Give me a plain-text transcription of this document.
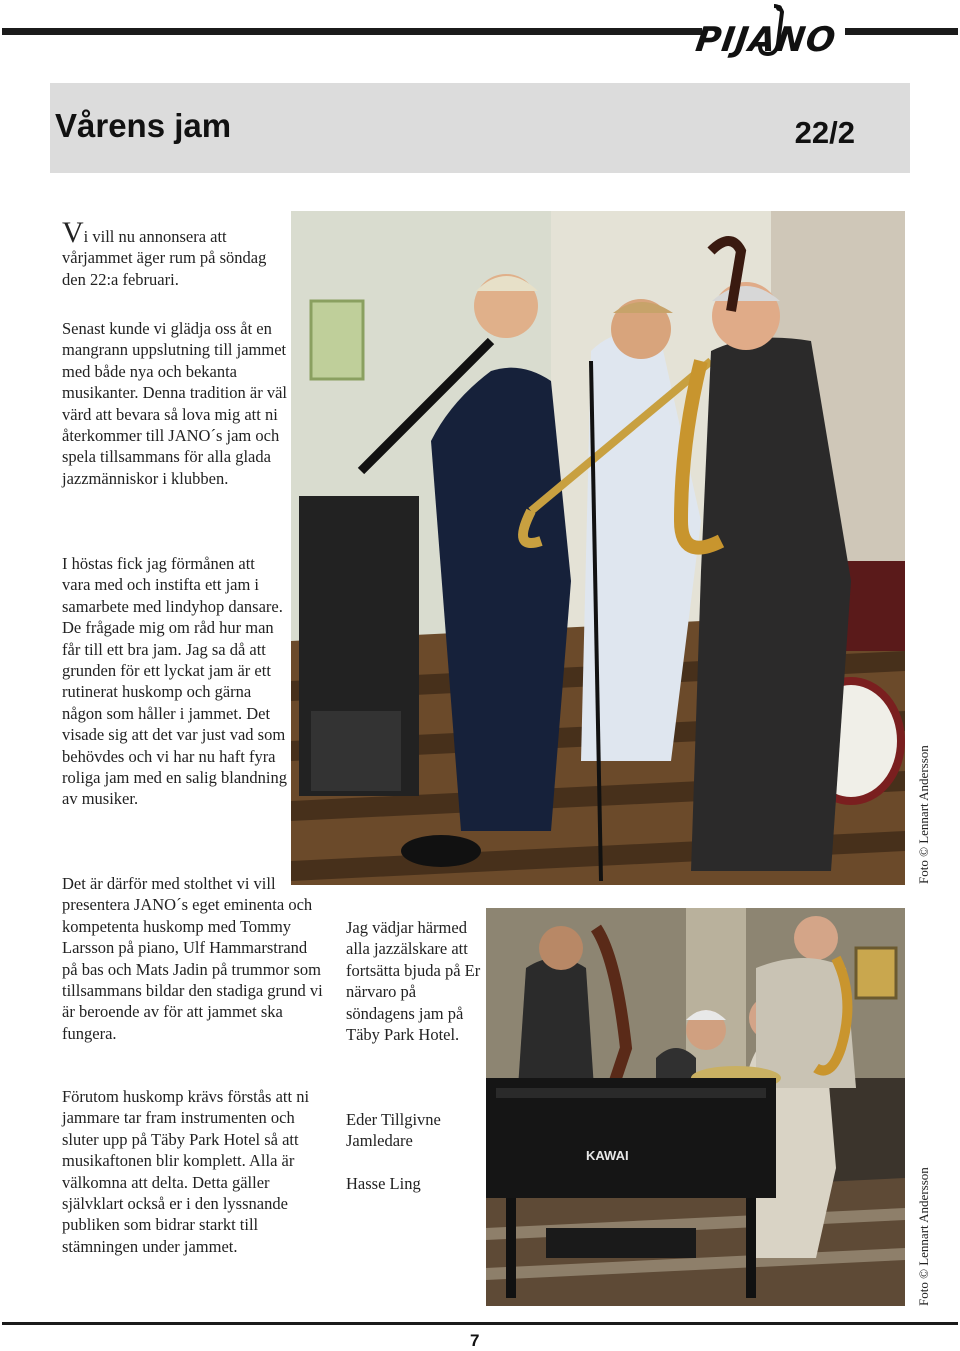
PIJANO
Vårens jam	22/2
Vi vill nu annonsera att vårjammet äger rum på söndag den 22:a februari.
Senast kunde vi glädja oss åt en mangrann uppslutning till jammet med både nya och bekanta musikanter. Denna tradition är väl värd att bevara så lova mig att ni återkommer till JANO´s jam och spela tillsammans för alla glada jazzmänniskor i klubben.
I höstas fick jag förmånen att vara med och instifta ett jam i samarbete med lindyhop dansare. De frågade mig om råd hur man får till ett bra jam. Jag sa då att grunden för ett lyckat jam är ett rutinerat huskomp och gärna någon som håller i jammet. Det visade sig att det var just vad som behövdes och vi har nu haft fyra roliga jam med en salig blandning av musiker.
Det är därför med stolthet vi vill presentera JANO´s eget eminenta och kompetenta huskomp med Tommy Larsson på piano, Ulf Hammarstrand på bas och Mats Jadin på trummor som tillsammans bildar den stadiga grund vi är beroende av för att jammet ska fungera.
Förutom huskomp krävs förstås att ni jammare tar fram instrumenten och sluter upp på Täby Park Hotel så att musikaftonen blir komplett. Alla är välkomna att delta. Detta gäller självklart också er i den lyssnande publiken som bidrar starkt till stämningen under jammet.
Jag vädjar härmed alla jazzälskare att fortsätta bjuda på Er närvaro på söndagens jam på Täby Park Hotel.
Eder Tillgivne Jamledare
Hasse Ling
Foto © Lennart Andersson
KAWAI
Foto © Lennart Andersson
7
